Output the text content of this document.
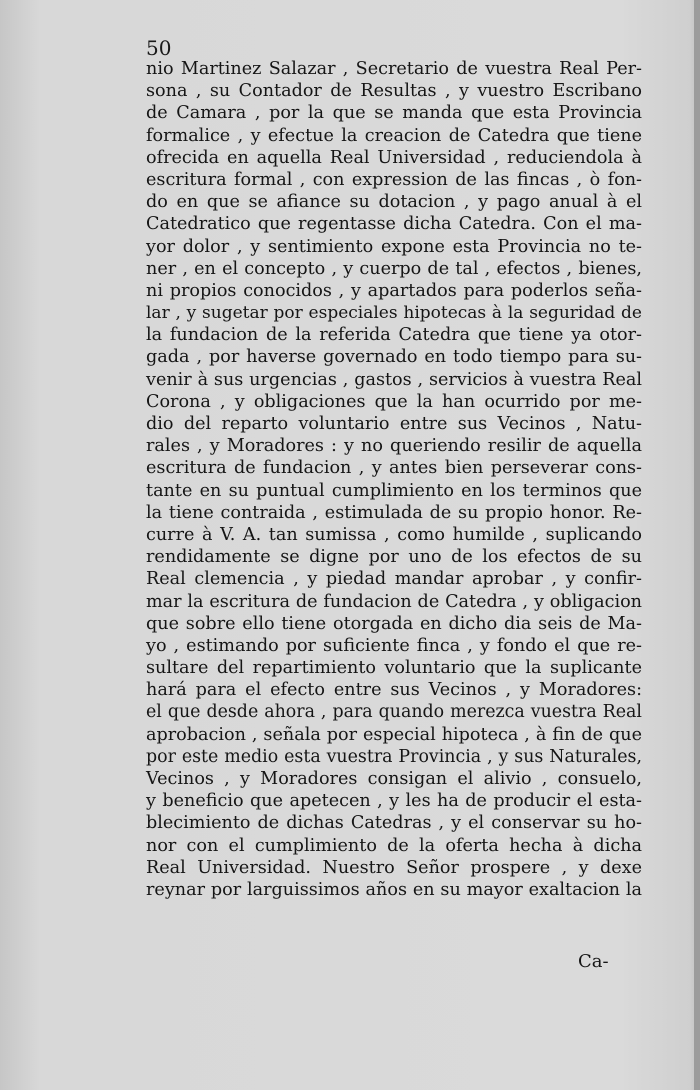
50
nio Martinez Salazar , Secretario de vuestra Real Per-
sona , su Contador de Resultas , y vuestro Escribano
de Camara , por la que se manda que esta Provincia
formalice , y efectue la creacion de Catedra que tiene
ofrecida en aquella Real Universidad , reduciendola à
escritura formal , con expression de las fincas , ò fon-
do en que se afiance su dotacion , y pago anual à el
Catedratico que regentasse dicha Catedra. Con el ma-
yor dolor , y sentimiento expone esta Provincia no te-
ner , en el concepto , y cuerpo de tal , efectos , bienes,
ni propios conocidos , y apartados para poderlos seña-
lar , y sugetar por especiales hipotecas à la seguridad de
la fundacion de la referida Catedra que tiene ya otor-
gada , por haverse governado en todo tiempo para su-
venir à sus urgencias , gastos , servicios à vuestra Real
Corona , y obligaciones que la han ocurrido por me-
dio del reparto voluntario entre sus Vecinos , Natu-
rales , y Moradores : y no queriendo resilir de aquella
escritura de fundacion , y antes bien perseverar cons-
tante en su puntual cumplimiento en los terminos que
la tiene contraida , estimulada de su propio honor. Re-
curre à V. A. tan sumissa , como humilde , suplicando
rendidamente se digne por uno de los efectos de su
Real clemencia , y piedad mandar aprobar , y confir-
mar la escritura de fundacion de Catedra , y obligacion
que sobre ello tiene otorgada en dicho dia seis de Ma-
yo , estimando por suficiente finca , y fondo el que re-
sultare del repartimiento voluntario que la suplicante
hará para el efecto entre sus Vecinos , y Moradores:
el que desde ahora , para quando merezca vuestra Real
aprobacion , señala por especial hipoteca , à fin de que
por este medio esta vuestra Provincia , y sus Naturales,
Vecinos , y Moradores consigan el alivio , consuelo,
y beneficio que apetecen , y les ha de producir el esta-
blecimiento de dichas Catedras , y el conservar su ho-
nor con el cumplimiento de la oferta hecha à dicha
Real Universidad. Nuestro Señor prospere , y dexe
reynar por larguissimos años en su mayor exaltacion la
Ca-
